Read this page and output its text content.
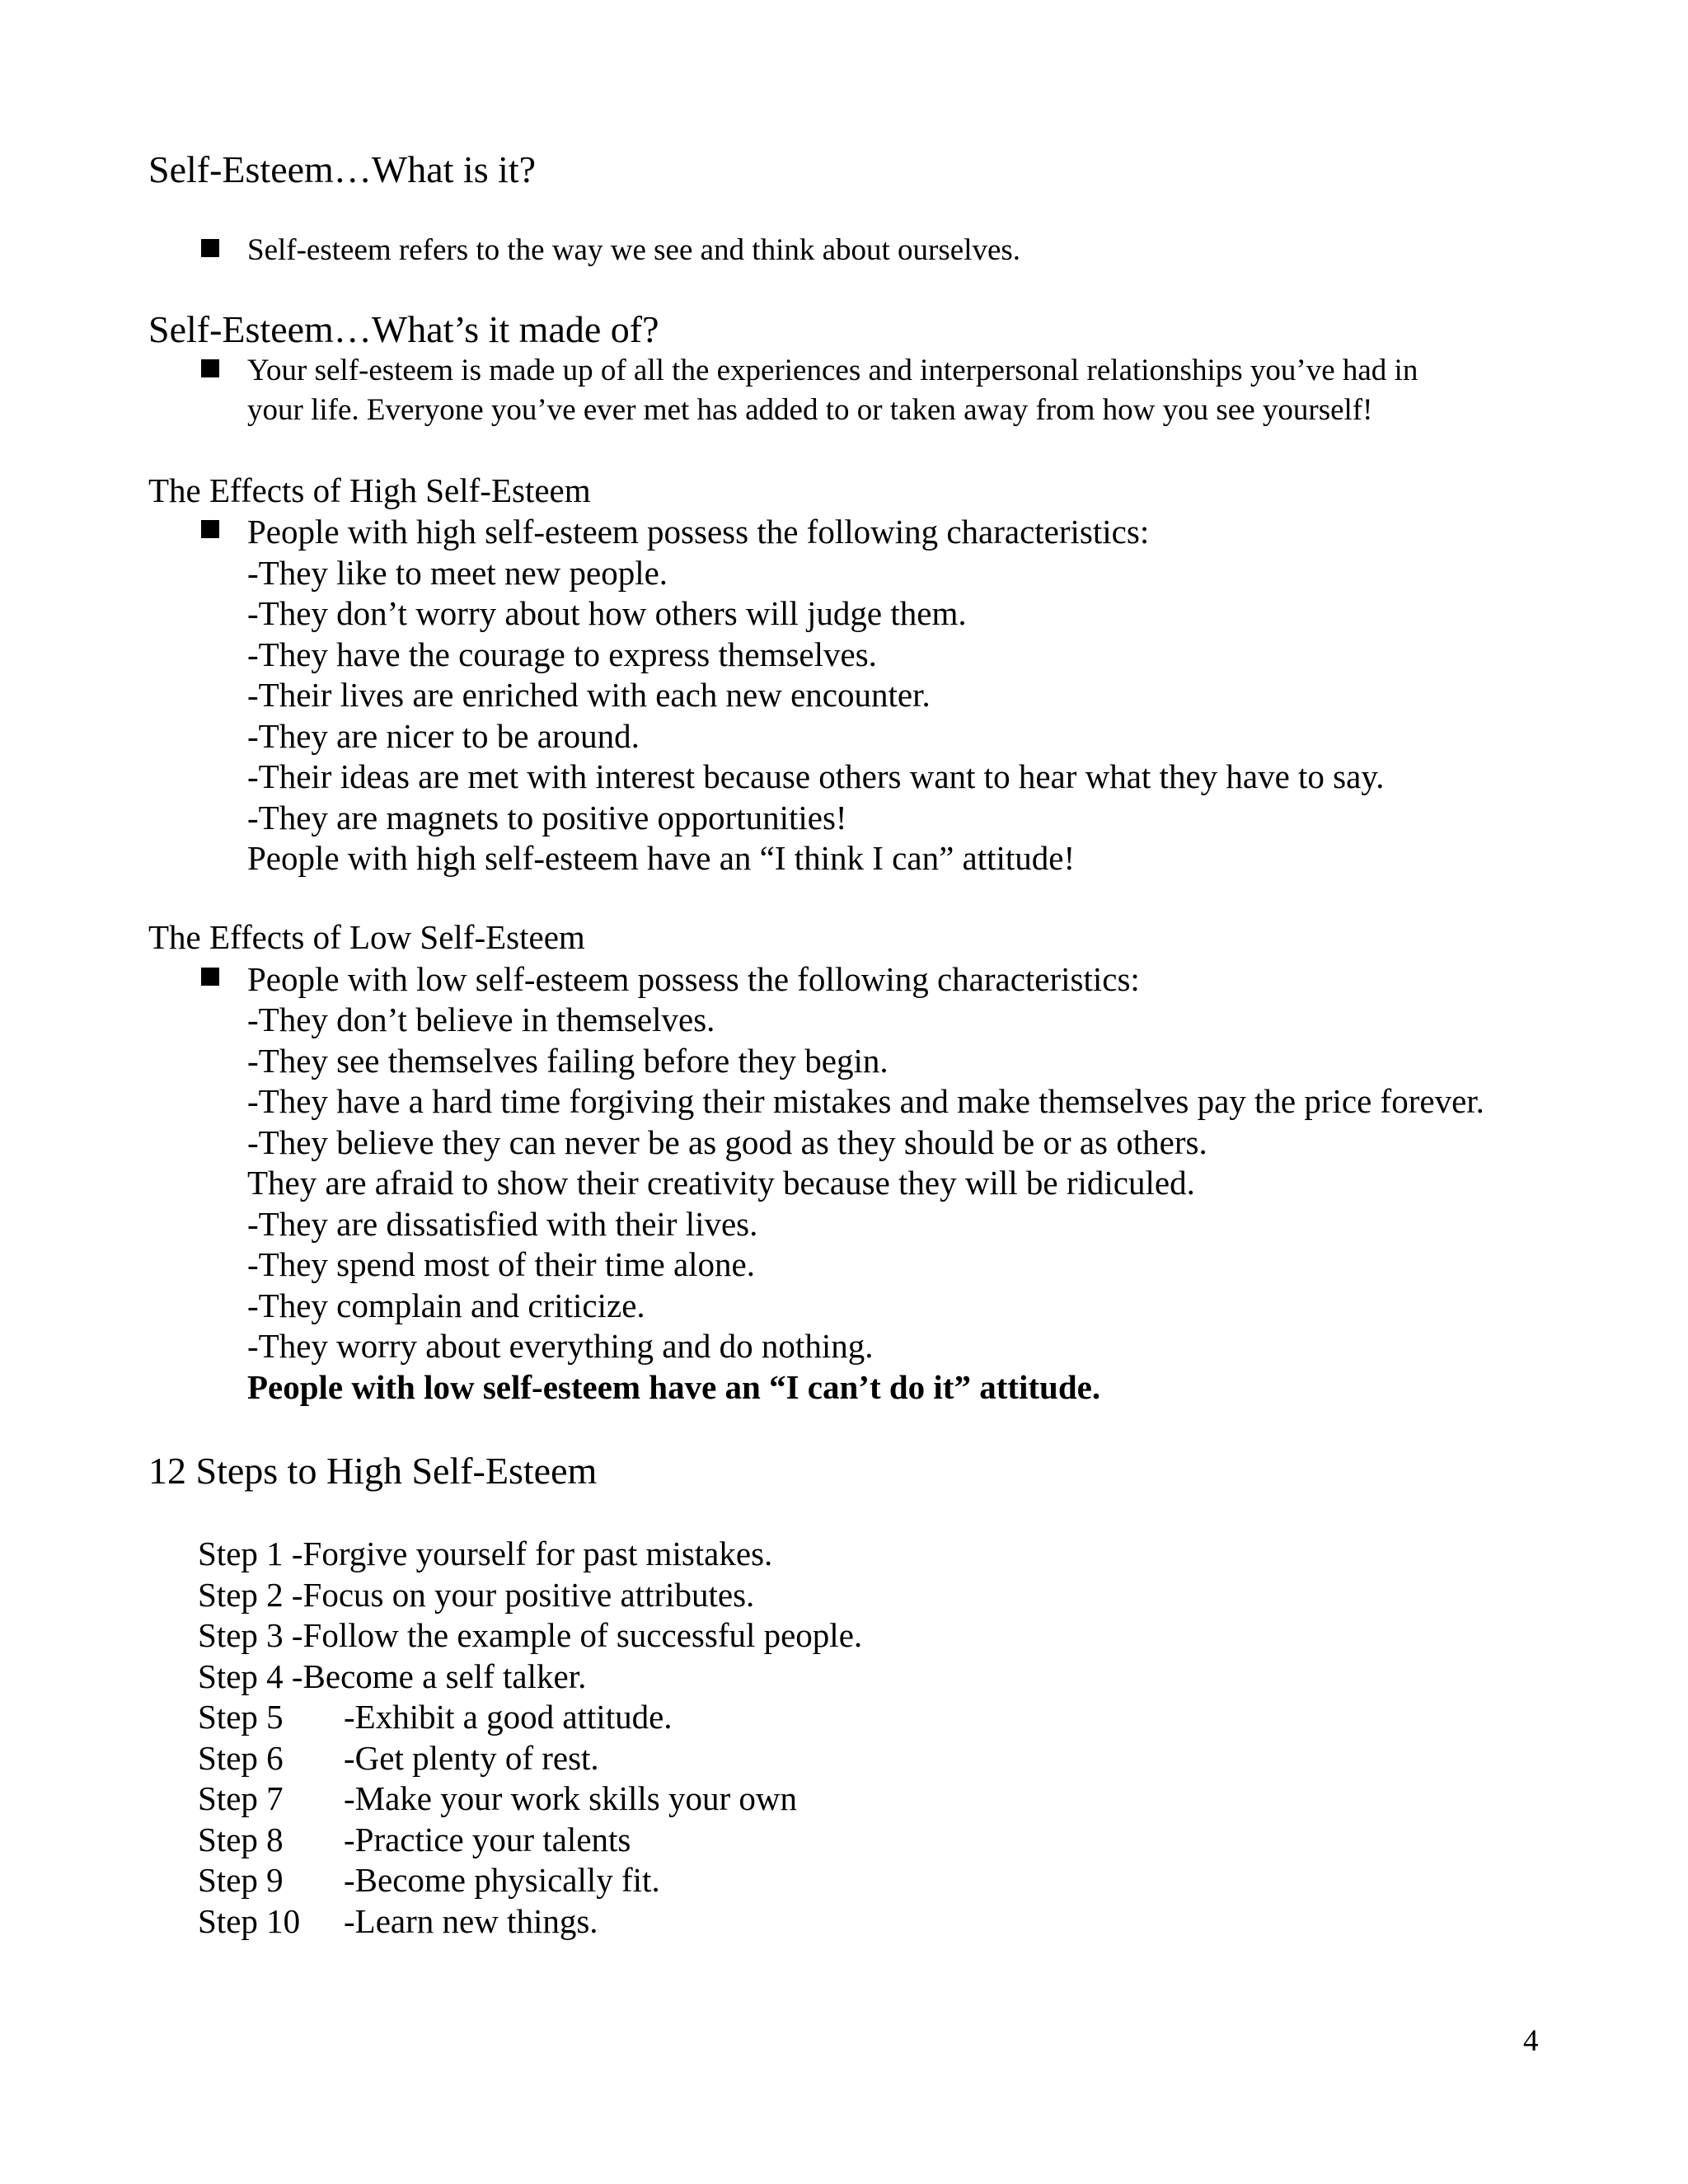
Self-Esteem…What is it?
Self-esteem refers to the way we see and think about ourselves.
Self-Esteem…What’s it made of?
Your self-esteem is made up of all the experiences and interpersonal relationships you’ve had in
your life. Everyone you’ve ever met has added to or taken away from how you see yourself!
The Effects of High Self-Esteem
People with high self-esteem possess the following characteristics:
-They like to meet new people.
-They don’t worry about how others will judge them.
-They have the courage to express themselves.
-Their lives are enriched with each new encounter.
-They are nicer to be around.
-Their ideas are met with interest because others want to hear what they have to say.
-They are magnets to positive opportunities!
People with high self-esteem have an “I think I can” attitude!
The Effects of Low Self-Esteem
People with low self-esteem possess the following characteristics:
-They don’t believe in themselves.
-They see themselves failing before they begin.
-They have a hard time forgiving their mistakes and make themselves pay the price forever.
-They believe they can never be as good as they should be or as others.
They are afraid to show their creativity because they will be ridiculed.
-They are dissatisfied with their lives.
-They spend most of their time alone.
-They complain and criticize.
-They worry about everything and do nothing.
People with low self-esteem have an “I can’t do it” attitude.
12 Steps to High Self-Esteem
Step 1 -Forgive yourself for past mistakes.
Step 2 -Focus on your positive attributes.
Step 3 -Follow the example of successful people.
Step 4 -Become a self talker.
Step 5 -Exhibit a good attitude.
Step 6 -Get plenty of rest.
Step 7 -Make your work skills your own
Step 8 -Practice your talents
Step 9 -Become physically fit.
Step 10 -Learn new things.
4
